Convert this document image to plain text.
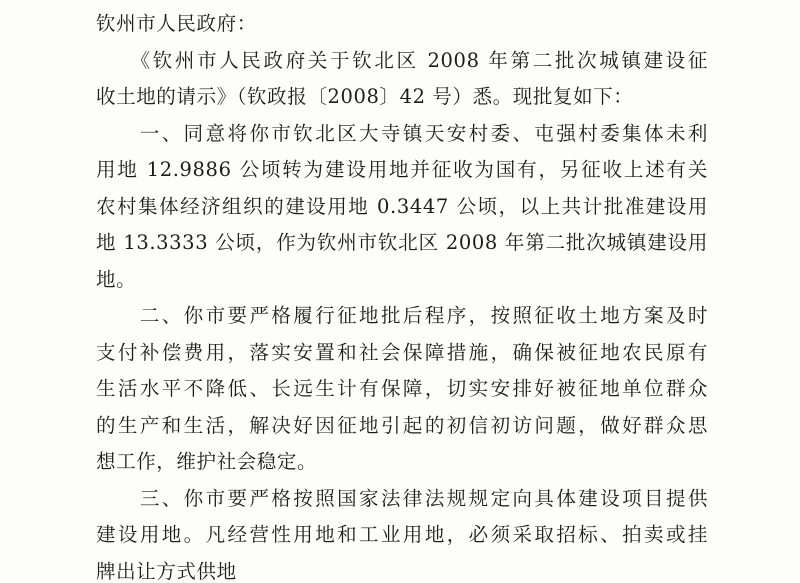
钦州市人民政府：
　　《钦州市人民政府关于钦北区 2008 年第二批次城镇建设征
收土地的请示》（钦政报〔2008〕42 号）悉。现批复如下：
　　一、同意将你市钦北区大寺镇天安村委、屯强村委集体未利
用地 12.9886 公顷转为建设用地并征收为国有，另征收上述有关
农村集体经济组织的建设用地 0.3447 公顷，以上共计批准建设用
地 13.3333 公顷，作为钦州市钦北区 2008 年第二批次城镇建设用
地。
　　二、你市要严格履行征地批后程序，按照征收土地方案及时
支付补偿费用，落实安置和社会保障措施，确保被征地农民原有
生活水平不降低、长远生计有保障，切实安排好被征地单位群众
的生产和生活，解决好因征地引起的初信初访问题，做好群众思
想工作，维护社会稳定。
　　三、你市要严格按照国家法律法规规定向具体建设项目提供
建设用地。凡经营性用地和工业用地，必须采取招标、拍卖或挂
牌出让方式供地
